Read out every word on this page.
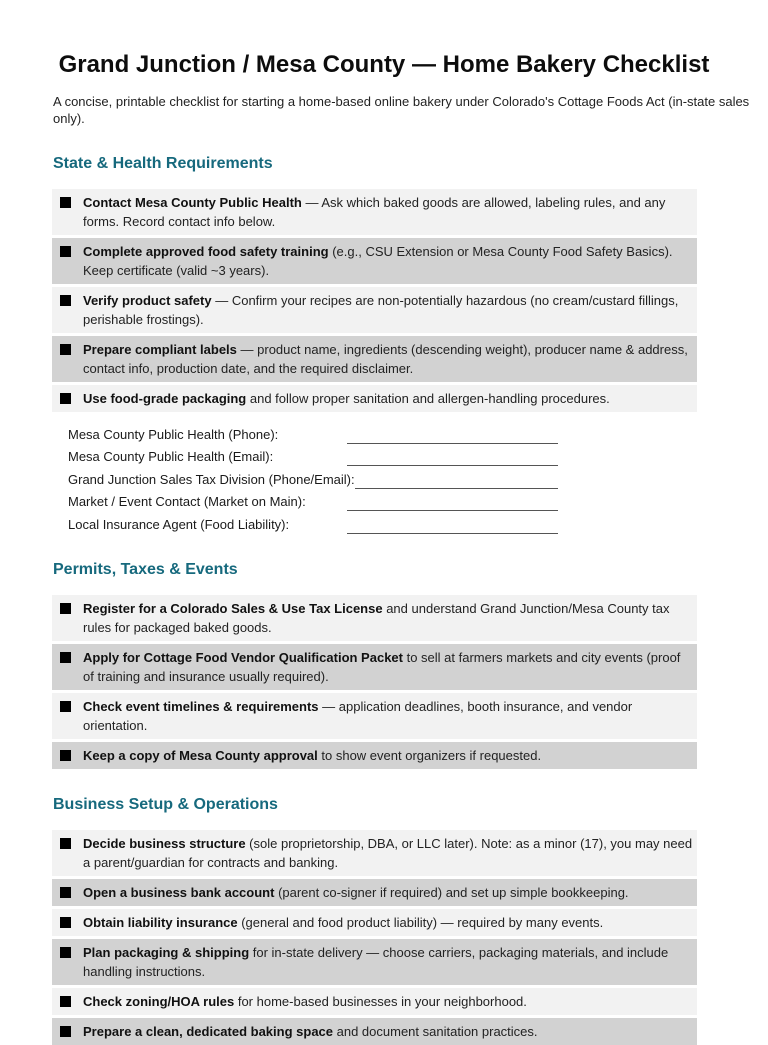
Grand Junction / Mesa County — Home Bakery Checklist

A concise, printable checklist for starting a home-based online bakery under Colorado's Cottage Foods Act (in-state sales only).

State & Health Requirements
Contact Mesa County Public Health — Ask which baked goods are allowed, labeling rules, and any forms. Record contact info below.
Complete approved food safety training (e.g., CSU Extension or Mesa County Food Safety Basics). Keep certificate (valid ~3 years).
Verify product safety — Confirm your recipes are non-potentially hazardous (no cream/custard fillings, perishable frostings).
Prepare compliant labels — product name, ingredients (descending weight), producer name & address, contact info, production date, and the required disclaimer.
Use food-grade packaging and follow proper sanitation and allergen-handling procedures.
Mesa County Public Health (Phone):
Mesa County Public Health (Email):
Grand Junction Sales Tax Division (Phone/Email):
Market / Event Contact (Market on Main):
Local Insurance Agent (Food Liability):
Permits, Taxes & Events
Register for a Colorado Sales & Use Tax License and understand Grand Junction/Mesa County tax rules for packaged baked goods.
Apply for Cottage Food Vendor Qualification Packet to sell at farmers markets and city events (proof of training and insurance usually required).
Check event timelines & requirements — application deadlines, booth insurance, and vendor orientation.
Keep a copy of Mesa County approval to show event organizers if requested.
Business Setup & Operations
Decide business structure (sole proprietorship, DBA, or LLC later). Note: as a minor (17), you may need a parent/guardian for contracts and banking.
Open a business bank account (parent co-signer if required) and set up simple bookkeeping.
Obtain liability insurance (general and food product liability) — required by many events.
Plan packaging & shipping for in-state delivery — choose carriers, packaging materials, and include handling instructions.
Check zoning/HOA rules for home-based businesses in your neighborhood.
Prepare a clean, dedicated baking space and document sanitation practices.
